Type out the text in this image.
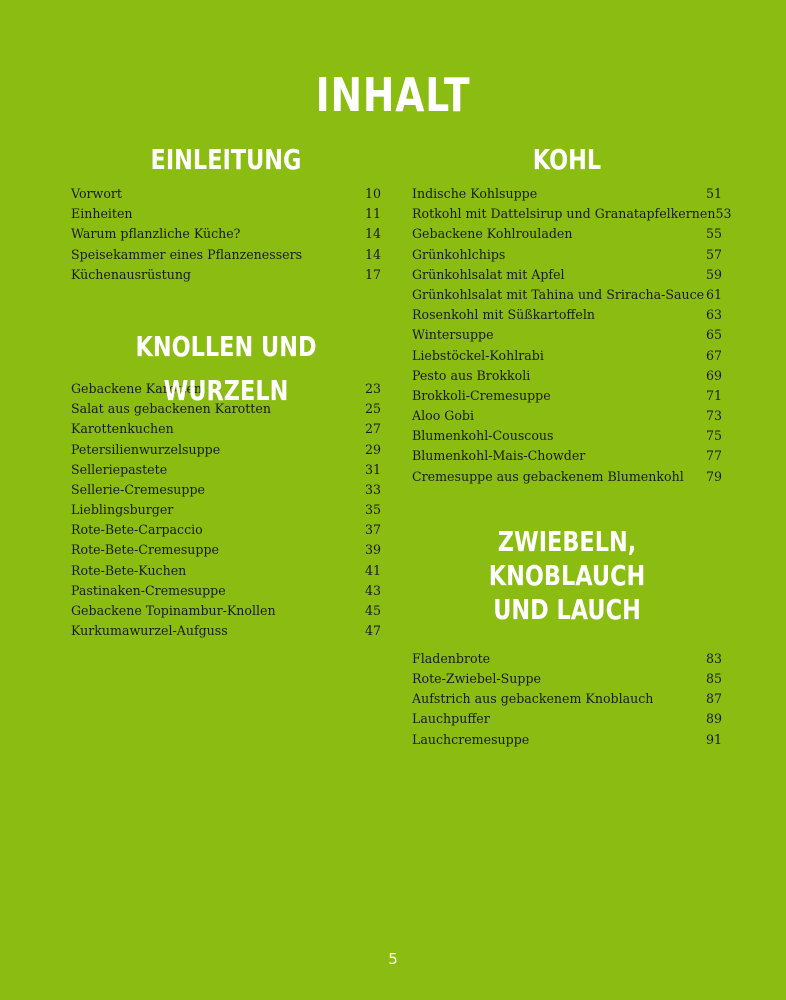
INHALT
EINLEITUNG
Vorwort	10
Einheiten	11
Warum pflanzliche Küche?	14
Speisekammer eines Pflanzenessers	14
Küchenausrüstung	17
KNOLLEN UND WURZELN
Gebackene Karotten	23
Salat aus gebackenen Karotten	25
Karottenkuchen	27
Petersilienwurzelsuppe	29
Selleriepastete	31
Sellerie-Cremesuppe	33
Lieblingsburger	35
Rote-Bete-Carpaccio	37
Rote-Bete-Cremesuppe	39
Rote-Bete-Kuchen	41
Pastinaken-Cremesuppe	43
Gebackene Topinambur-Knollen	45
Kurkumawurzel-Aufguss	47
KOHL
Indische Kohlsuppe	51
Rotkohl mit Dattelsirup und Granatapfelkernen 53
Gebackene Kohlrouladen	55
Grünkohlchips	57
Grünkohlsalat mit Apfel	59
Grünkohlsalat mit Tahina und Sriracha-Sauce 61
Rosenkohl mit Süßkartoffeln	63
Wintersuppe	65
Liebstöckel-Kohlrabi	67
Pesto aus Brokkoli	69
Brokkoli-Cremesuppe	71
Aloo Gobi	73
Blumenkohl-Couscous	75
Blumenkohl-Mais-Chowder	77
Cremesuppe aus gebackenem Blumenkohl 79
ZWIEBELN, KNOBLAUCH UND LAUCH
Fladenbrote	83
Rote-Zwiebel-Suppe	85
Aufstrich aus gebackenem Knoblauch	87
Lauchpuffer	89
Lauchcremesuppe	91
5
